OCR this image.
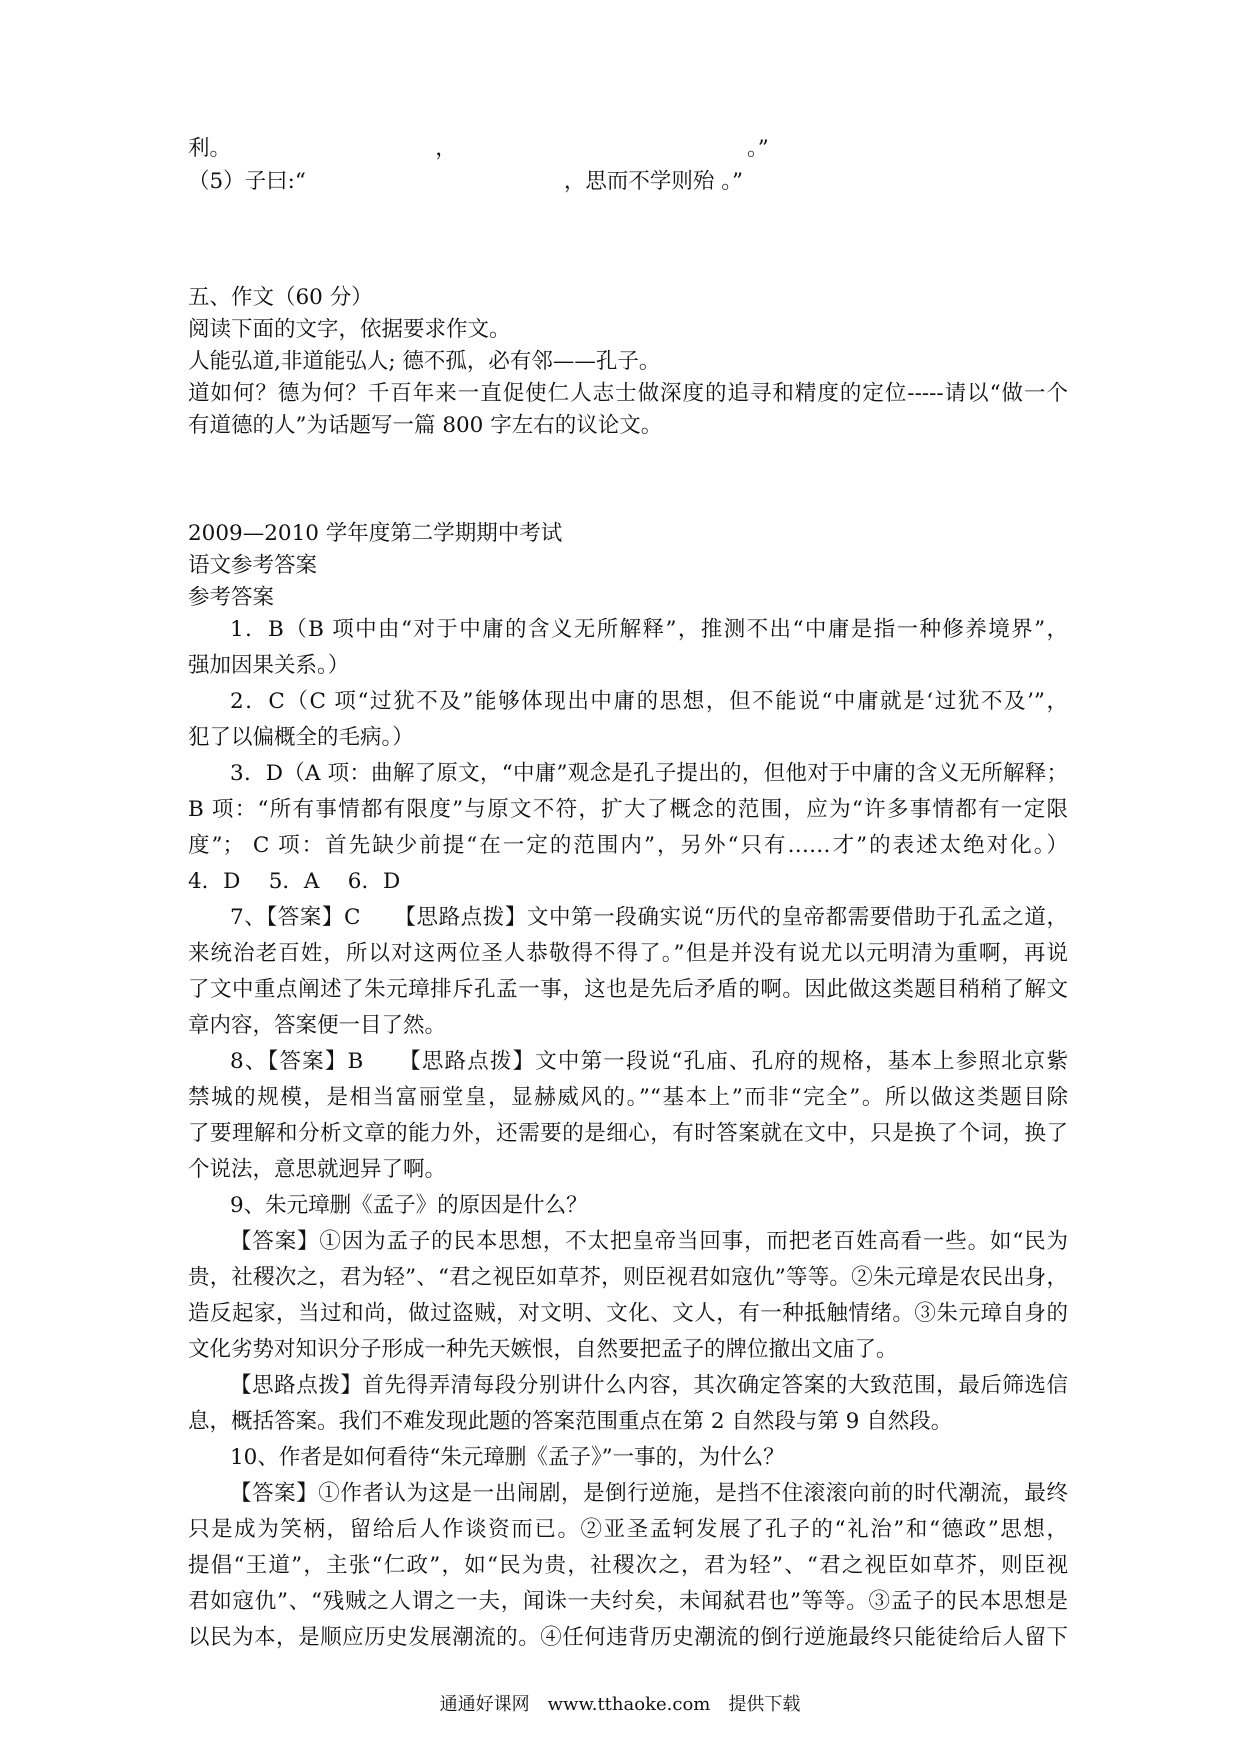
利。　　　　　　　　　　，　　　　　　　　　　　　　　。”
（5）子曰:“　　　　　　　　　　　　，思而不学则殆 。”
五、作文（60 分）
阅读下面的文字，依据要求作文。
人能弘道,非道能弘人; 德不孤，必有邻——孔子。
道如何？德为何？千百年来一直促使仁人志士做深度的追寻和精度的定位-----请以“做一个
有道德的人”为话题写一篇 800 字左右的议论文。
2009—2010 学年度第二学期期中考试
语文参考答案
参考答案
1．B（B 项中由“对于中庸的含义无所解释”，推测不出“中庸是指一种修养境界”，
强加因果关系。）
2．C（C 项“过犹不及”能够体现出中庸的思想，但不能说“中庸就是‘过犹不及’”，
犯了以偏概全的毛病。）
3．D（A 项：曲解了原文，“中庸”观念是孔子提出的，但他对于中庸的含义无所解释；
B 项：“所有事情都有限度”与原文不符，扩大了概念的范围，应为“许多事情都有一定限
度”； C 项：首先缺少前提“在一定的范围内”，另外“只有……才”的表述太绝对化。）
4．D　 5．A　 6．D
7、【答案】C　　【思路点拨】文中第一段确实说“历代的皇帝都需要借助于孔孟之道，
来统治老百姓，所以对这两位圣人恭敬得不得了。”但是并没有说尤以元明清为重啊，再说
了文中重点阐述了朱元璋排斥孔孟一事，这也是先后矛盾的啊。因此做这类题目稍稍了解文
章内容，答案便一目了然。
8、【答案】B　　【思路点拨】文中第一段说“孔庙、孔府的规格，基本上参照北京紫
禁城的规模，是相当富丽堂皇，显赫威风的。”“基本上”而非“完全”。所以做这类题目除
了要理解和分析文章的能力外，还需要的是细心，有时答案就在文中，只是换了个词，换了
个说法，意思就迥异了啊。
9、朱元璋删《孟子》的原因是什么？
【答案】①因为孟子的民本思想，不太把皇帝当回事，而把老百姓高看一些。如“民为
贵，社稷次之，君为轻”、“君之视臣如草芥，则臣视君如寇仇”等等。②朱元璋是农民出身，
造反起家，当过和尚，做过盗贼，对文明、文化、文人，有一种抵触情绪。③朱元璋自身的
文化劣势对知识分子形成一种先天嫉恨，自然要把孟子的牌位撤出文庙了。
【思路点拨】首先得弄清每段分别讲什么内容，其次确定答案的大致范围，最后筛选信
息，概括答案。我们不难发现此题的答案范围重点在第 2 自然段与第 9 自然段。
10、作者是如何看待“朱元璋删《孟子》”一事的，为什么？
【答案】①作者认为这是一出闹剧，是倒行逆施，是挡不住滚滚向前的时代潮流，最终
只是成为笑柄，留给后人作谈资而已。②亚圣孟轲发展了孔子的“礼治”和“德政”思想，
提倡“王道”，主张“仁政”，如“民为贵，社稷次之，君为轻”、“君之视臣如草芥，则臣视
君如寇仇”、“残贼之人谓之一夫，闻诛一夫纣矣，未闻弑君也”等等。③孟子的民本思想是
以民为本，是顺应历史发展潮流的。④任何违背历史潮流的倒行逆施最终只能徒给后人留下
通通好课网　www.tthaoke.com　提供下载
